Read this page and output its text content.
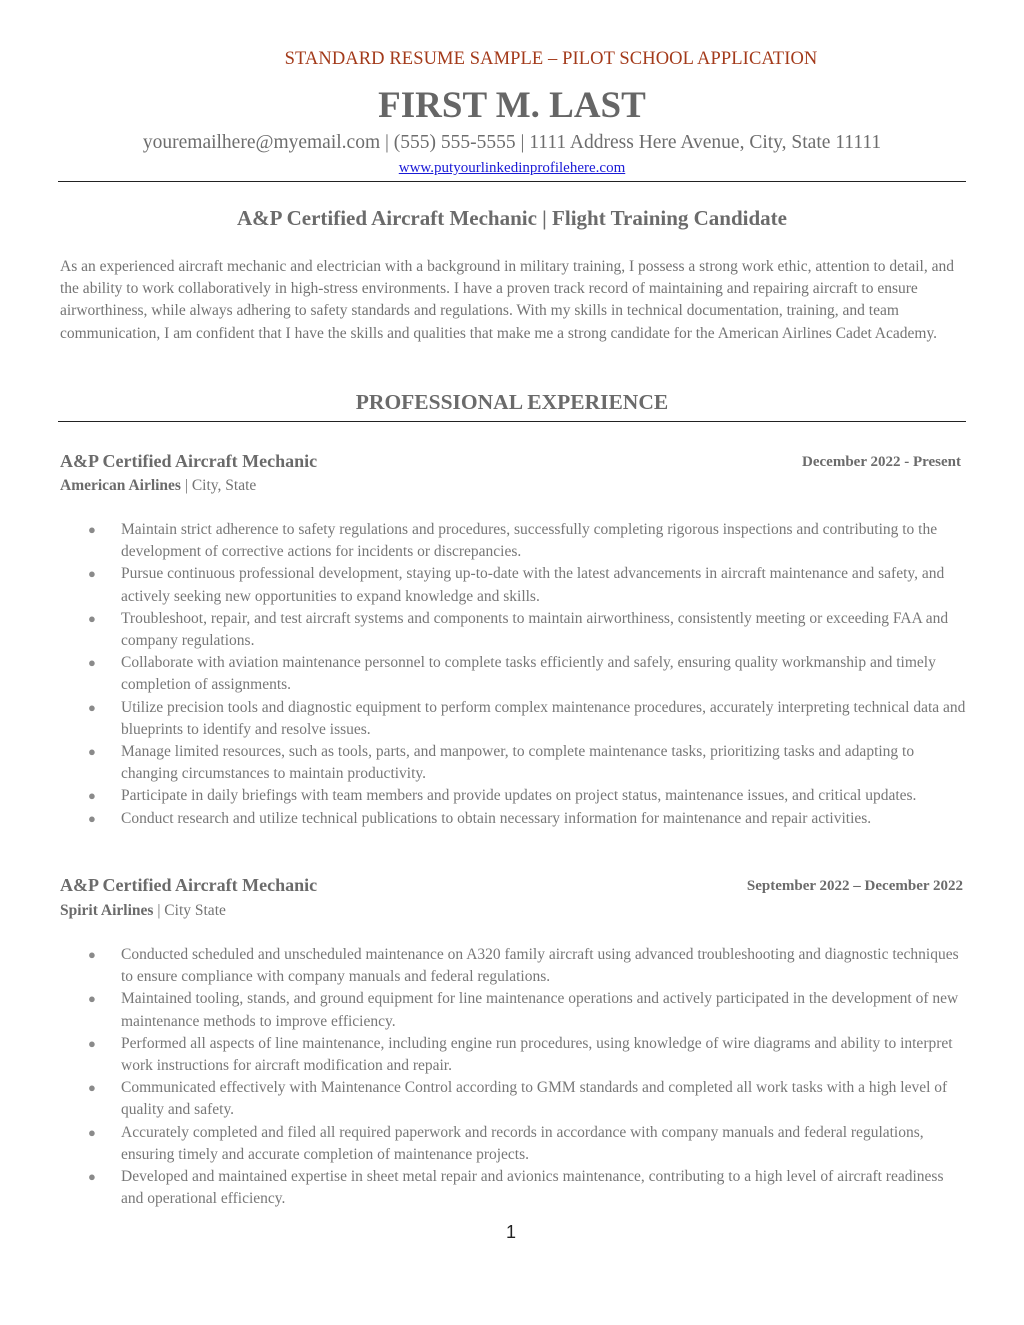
STANDARD RESUME SAMPLE – PILOT SCHOOL APPLICATION
FIRST M. LAST
youremailhere@myemail.com | (555) 555-5555 | 1111 Address Here Avenue, City, State 11111
www.putyourlinkedinprofilehere.com
A&P Certified Aircraft Mechanic | Flight Training Candidate
As an experienced aircraft mechanic and electrician with a background in military training, I possess a strong work ethic, attention to detail, and the ability to work collaboratively in high-stress environments. I have a proven track record of maintaining and repairing aircraft to ensure airworthiness, while always adhering to safety standards and regulations. With my skills in technical documentation, training, and team communication, I am confident that I have the skills and qualities that make me a strong candidate for the American Airlines Cadet Academy.
PROFESSIONAL EXPERIENCE
A&P Certified Aircraft Mechanic	December 2022 - Present
American Airlines | City, State
● Maintain strict adherence to safety regulations and procedures, successfully completing rigorous inspections and contributing to the development of corrective actions for incidents or discrepancies.
● Pursue continuous professional development, staying up-to-date with the latest advancements in aircraft maintenance and safety, and actively seeking new opportunities to expand knowledge and skills.
● Troubleshoot, repair, and test aircraft systems and components to maintain airworthiness, consistently meeting or exceeding FAA and company regulations.
● Collaborate with aviation maintenance personnel to complete tasks efficiently and safely, ensuring quality workmanship and timely completion of assignments.
● Utilize precision tools and diagnostic equipment to perform complex maintenance procedures, accurately interpreting technical data and blueprints to identify and resolve issues.
● Manage limited resources, such as tools, parts, and manpower, to complete maintenance tasks, prioritizing tasks and adapting to changing circumstances to maintain productivity.
● Participate in daily briefings with team members and provide updates on project status, maintenance issues, and critical updates.
● Conduct research and utilize technical publications to obtain necessary information for maintenance and repair activities.
A&P Certified Aircraft Mechanic	September 2022 – December 2022
Spirit Airlines | City State
● Conducted scheduled and unscheduled maintenance on A320 family aircraft using advanced troubleshooting and diagnostic techniques to ensure compliance with company manuals and federal regulations.
● Maintained tooling, stands, and ground equipment for line maintenance operations and actively participated in the development of new maintenance methods to improve efficiency.
● Performed all aspects of line maintenance, including engine run procedures, using knowledge of wire diagrams and ability to interpret work instructions for aircraft modification and repair.
● Communicated effectively with Maintenance Control according to GMM standards and completed all work tasks with a high level of quality and safety.
● Accurately completed and filed all required paperwork and records in accordance with company manuals and federal regulations, ensuring timely and accurate completion of maintenance projects.
● Developed and maintained expertise in sheet metal repair and avionics maintenance, contributing to a high level of aircraft readiness and operational efficiency.
1
